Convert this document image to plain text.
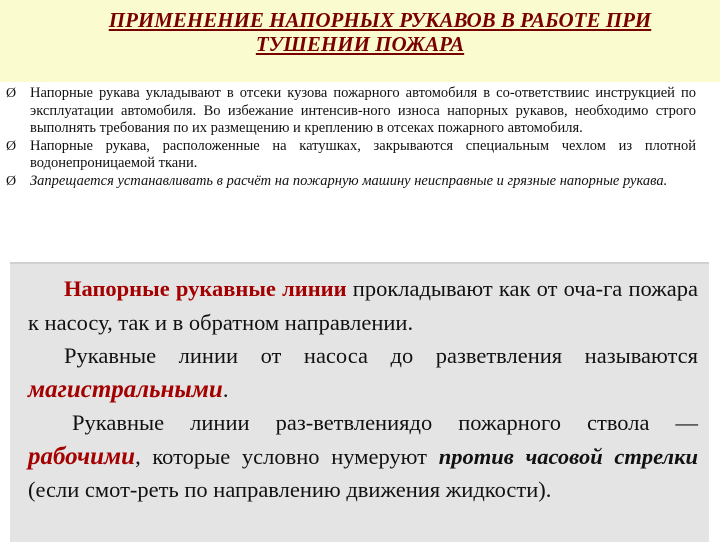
ПРИМЕНЕНИЕ НАПОРНЫХ РУКАВОВ В РАБОТЕ ПРИ
ТУШЕНИИ ПОЖАРА
Ø Напорные рукава укладывают в отсеки кузова пожарного автомобиля в со-ответствиис инструкцией по эксплуатации автомобиля. Во избежание интенсив-ного износа напорных рукавов, необходимо строго выполнять требования по их размещению и креплению в отсеках пожарного автомобиля.
Ø Напорные рукава, расположенные на катушках, закрываются специальным чехлом из плотной водонепроницаемой ткани.
Ø Запрещается устанавливать в расчёт на пожарную машину неисправные и грязные напорные рукава.
Напорные рукавные линии прокладывают как от оча-га пожара к насосу, так и в обратном направлении.
Рукавные линии от насоса до разветвления называются магистральными.
Рукавные линии раз-ветвлениядо пожарного ствола — рабочими, которые условно нумеруют против часовой стрелки (если смот-реть по направлению движения жидкости).
